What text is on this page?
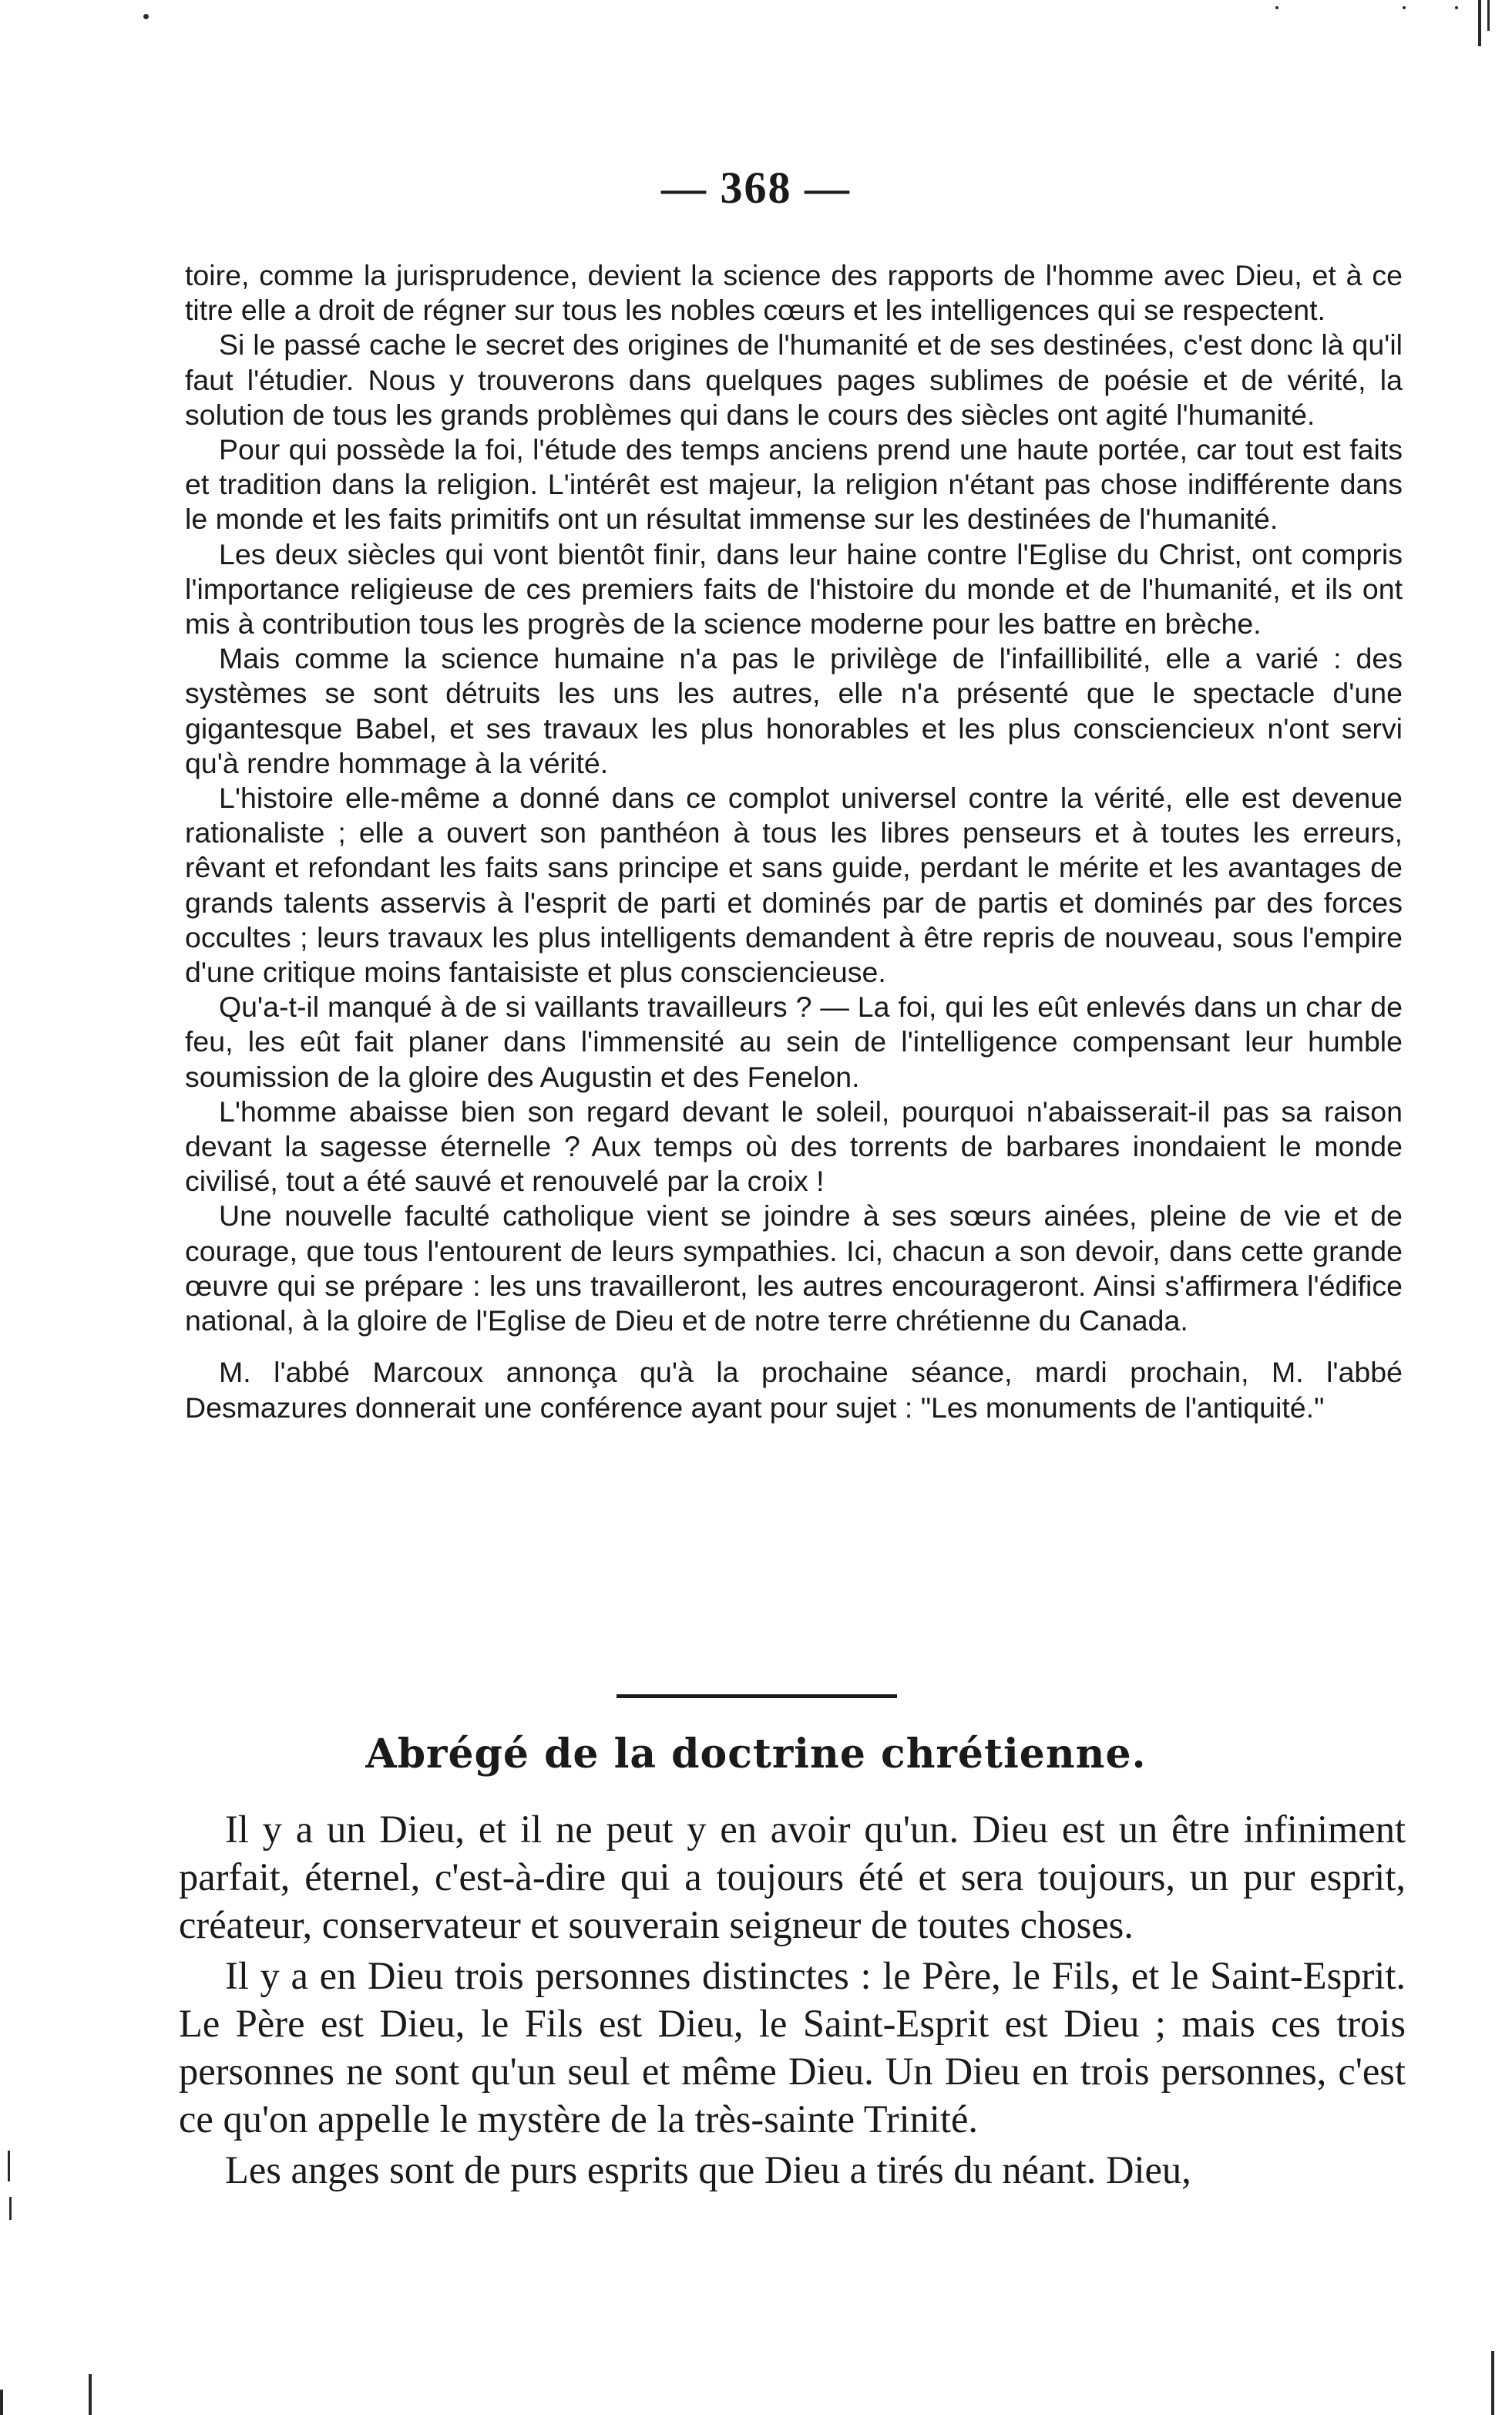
— 368 —

toire, comme la jurisprudence, devient la science des rapports de l'homme avec Dieu, et à ce titre elle a droit de régner sur tous les nobles cœurs et les intelligences qui se respectent.

Si le passé cache le secret des origines de l'humanité et de ses destinées, c'est donc là qu'il faut l'étudier. Nous y trouverons dans quelques pages sublimes de poésie et de vérité, la solution de tous les grands problèmes qui dans le cours des siècles ont agité l'humanité.

Pour qui possède la foi, l'étude des temps anciens prend une haute portée, car tout est faits et tradition dans la religion. L'intérêt est majeur, la religion n'étant pas chose indifférente dans le monde et les faits primitifs ont un résultat immense sur les destinées de l'humanité.

Les deux siècles qui vont bientôt finir, dans leur haine contre l'Eglise du Christ, ont compris l'importance religieuse de ces premiers faits de l'histoire du monde et de l'humanité, et ils ont mis à contribution tous les progrès de la science moderne pour les battre en brèche.

Mais comme la science humaine n'a pas le privilège de l'infaillibilité, elle a varié : des systèmes se sont détruits les uns les autres, elle n'a présenté que le spectacle d'une gigantesque Babel, et ses travaux les plus honorables et les plus consciencieux n'ont servi qu'à rendre hommage à la vérité.

L'histoire elle-même a donné dans ce complot universel contre la vérité, elle est devenue rationaliste ; elle a ouvert son panthéon à tous les libres penseurs et à toutes les erreurs, rêvant et refondant les faits sans principe et sans guide, perdant le mérite et les avantages de grands talents asservis à l'esprit de parti et dominés par de partis et dominés par des forces occultes ; leurs travaux les plus intelligents demandent à être repris de nouveau, sous l'empire d'une critique moins fantaisiste et plus consciencieuse.

Qu'a-t-il manqué à de si vaillants travailleurs ? — La foi, qui les eût enlevés dans un char de feu, les eût fait planer dans l'immensité au sein de l'intelligence compensant leur humble soumission de la gloire des Augustin et des Fenelon.

L'homme abaisse bien son regard devant le soleil, pourquoi n'abaisserait-il pas sa raison devant la sagesse éternelle ? Aux temps où des torrents de barbares inondaient le monde civilisé, tout a été sauvé et renouvelé par la croix !

Une nouvelle faculté catholique vient se joindre à ses sœurs ainées, pleine de vie et de courage, que tous l'entourent de leurs sympathies. Ici, chacun a son devoir, dans cette grande œuvre qui se prépare : les uns travailleront, les autres encourageront. Ainsi s'affirmera l'édifice national, à la gloire de l'Eglise de Dieu et de notre terre chrétienne du Canada.

M. l'abbé Marcoux annonça qu'à la prochaine séance, mardi prochain, M. l'abbé Desmazures donnerait une conférence ayant pour sujet : "Les monuments de l'antiquité."

Abrégé de la doctrine chrétienne.

Il y a un Dieu, et il ne peut y en avoir qu'un. Dieu est un être infiniment parfait, éternel, c'est-à-dire qui a toujours été et sera toujours, un pur esprit, créateur, conservateur et souverain seigneur de toutes choses.

Il y a en Dieu trois personnes distinctes : le Père, le Fils, et le Saint-Esprit. Le Père est Dieu, le Fils est Dieu, le Saint-Esprit est Dieu ; mais ces trois personnes ne sont qu'un seul et même Dieu. Un Dieu en trois personnes, c'est ce qu'on appelle le mystère de la très-sainte Trinité.

Les anges sont de purs esprits que Dieu a tirés du néant. Dieu,
